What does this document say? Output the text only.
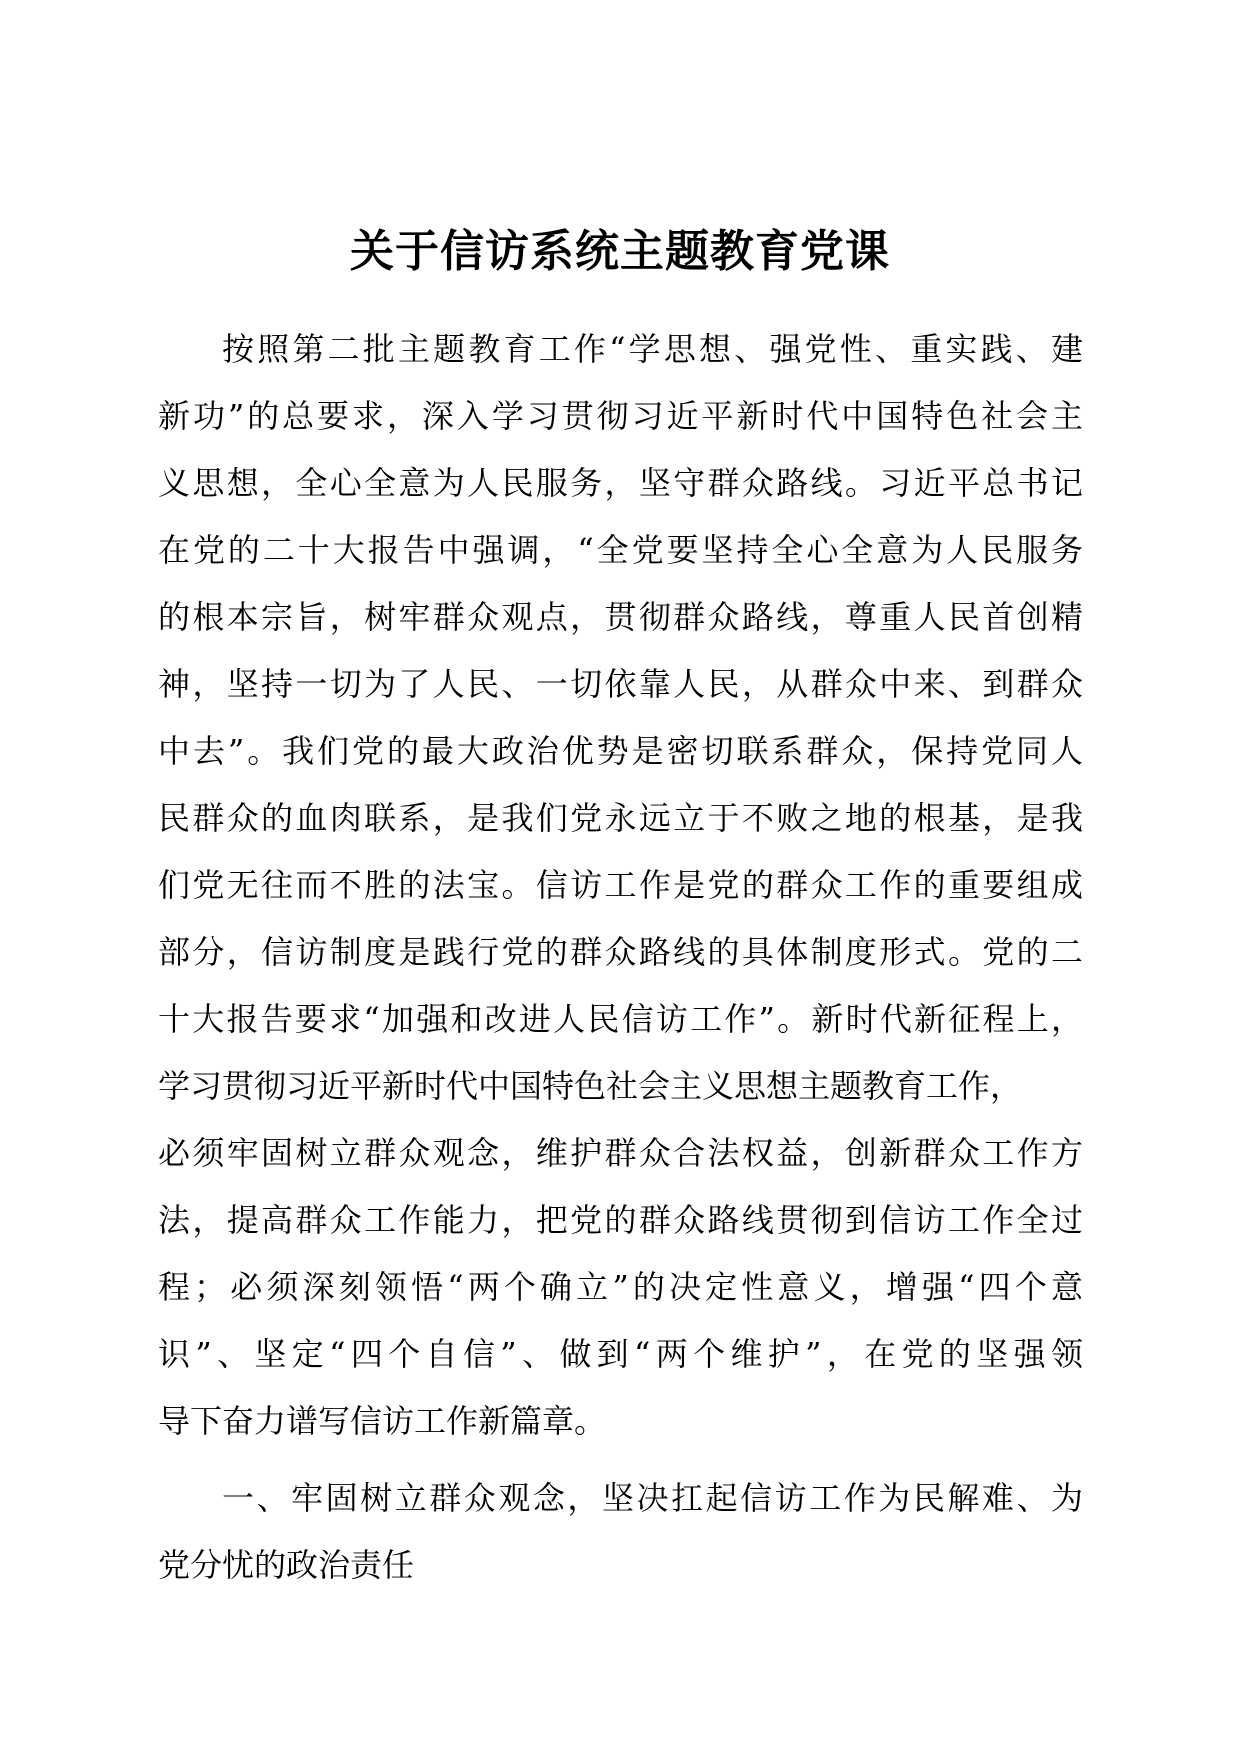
关于信访系统主题教育党课
按照第二批主题教育工作“学思想、强党性、重实践、建
新功”的总要求，深入学习贯彻习近平新时代中国特色社会主
义思想，全心全意为人民服务，坚守群众路线。习近平总书记
在党的二十大报告中强调，“全党要坚持全心全意为人民服务
的根本宗旨，树牢群众观点，贯彻群众路线，尊重人民首创精
神，坚持一切为了人民、一切依靠人民，从群众中来、到群众
中去”。我们党的最大政治优势是密切联系群众，保持党同人
民群众的血肉联系，是我们党永远立于不败之地的根基，是我
们党无往而不胜的法宝。信访工作是党的群众工作的重要组成
部分，信访制度是践行党的群众路线的具体制度形式。党的二
十大报告要求“加强和改进人民信访工作”。新时代新征程上，
学习贯彻习近平新时代中国特色社会主义思想主题教育工作，
必须牢固树立群众观念，维护群众合法权益，创新群众工作方
法，提高群众工作能力，把党的群众路线贯彻到信访工作全过
程；必须深刻领悟“两个确立”的决定性意义，增强“四个意
识”、坚定“四个自信”、做到“两个维护”，在党的坚强领
导下奋力谱写信访工作新篇章。
一、牢固树立群众观念，坚决扛起信访工作为民解难、为
党分忧的政治责任
